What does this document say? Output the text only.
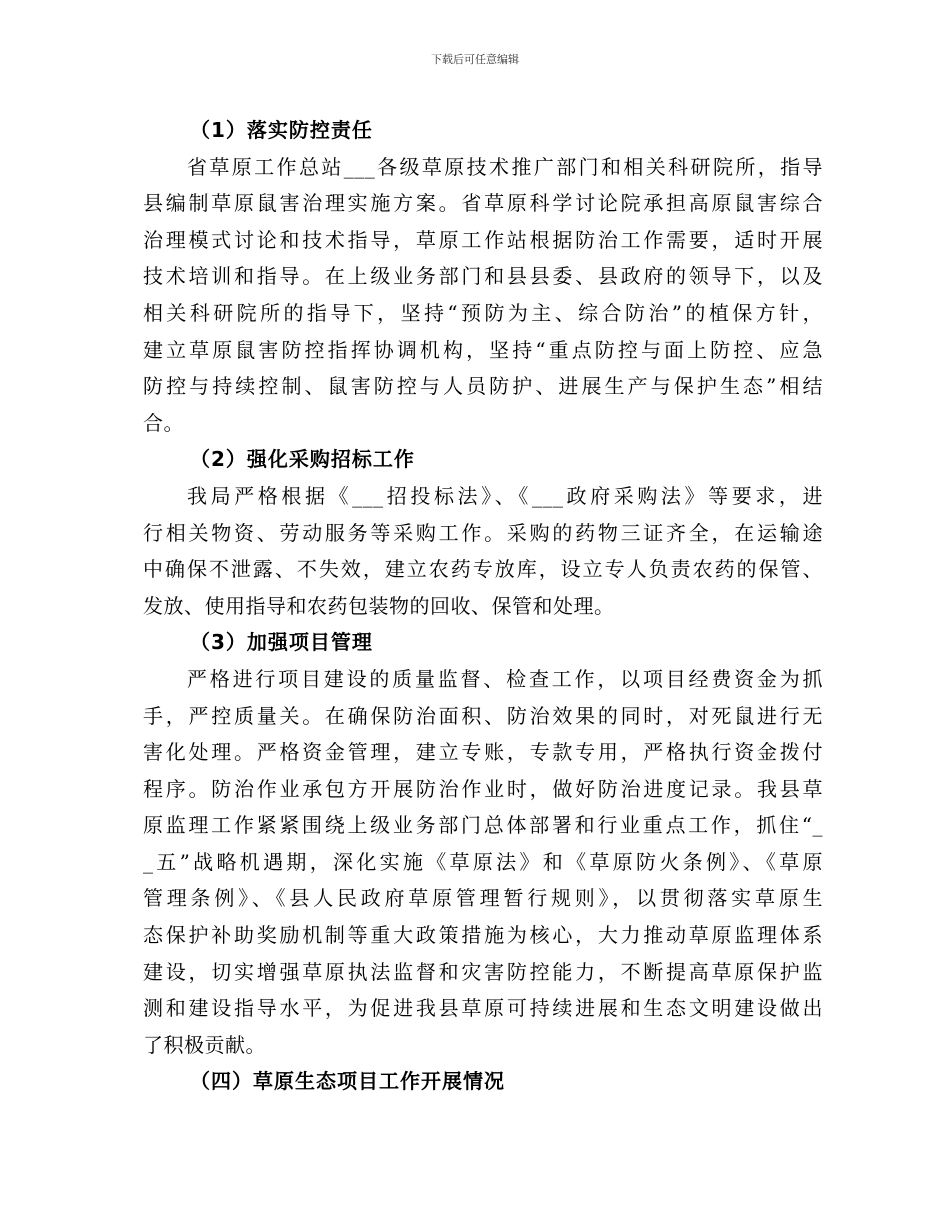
下载后可任意编辑
（1）落实防控责任
省草原工作总站___各级草原技术推广部门和相关科研院所，指导
县编制草原鼠害治理实施方案。省草原科学讨论院承担高原鼠害综合
治理模式讨论和技术指导，草原工作站根据防治工作需要，适时开展
技术培训和指导。在上级业务部门和县县委、县政府的领导下，以及
相关科研院所的指导下，坚持“预防为主、综合防治”的植保方针，
建立草原鼠害防控指挥协调机构，坚持“重点防控与面上防控、应急
防控与持续控制、鼠害防控与人员防护、进展生产与保护生态”相结
合。
（2）强化采购招标工作
我局严格根据《___招投标法》、《___政府采购法》等要求，进
行相关物资、劳动服务等采购工作。采购的药物三证齐全，在运输途
中确保不泄露、不失效，建立农药专放库，设立专人负责农药的保管、
发放、使用指导和农药包装物的回收、保管和处理。
（3）加强项目管理
严格进行项目建设的质量监督、检查工作，以项目经费资金为抓
手，严控质量关。在确保防治面积、防治效果的同时，对死鼠进行无
害化处理。严格资金管理，建立专账，专款专用，严格执行资金拨付
程序。防治作业承包方开展防治作业时，做好防治进度记录。我县草
原监理工作紧紧围绕上级业务部门总体部署和行业重点工作，抓住“_
_五”战略机遇期，深化实施《草原法》和《草原防火条例》、《草原
管理条例》、《县人民政府草原管理暂行规则》，以贯彻落实草原生
态保护补助奖励机制等重大政策措施为核心，大力推动草原监理体系
建设，切实增强草原执法监督和灾害防控能力，不断提高草原保护监
测和建设指导水平，为促进我县草原可持续进展和生态文明建设做出
了积极贡献。
（四）草原生态项目工作开展情况
